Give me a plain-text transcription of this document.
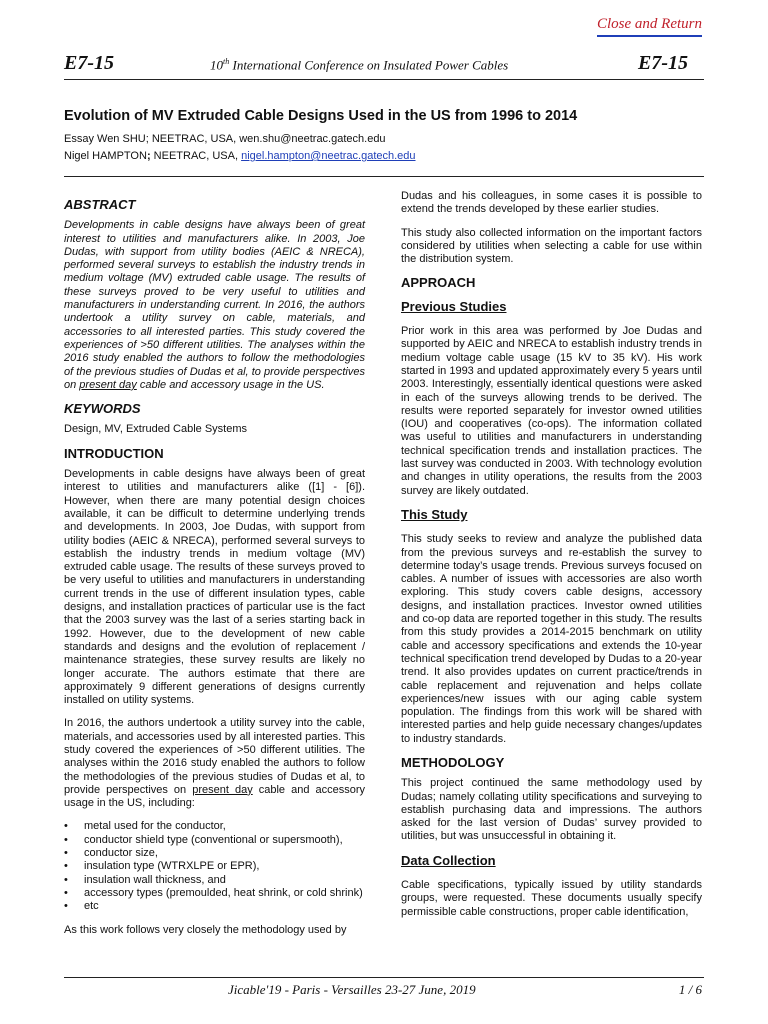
Close and Return
E7-15	10th International Conference on Insulated Power Cables	E7-15
Evolution of MV Extruded Cable Designs Used in the US from 1996 to 2014
Essay Wen SHU; NEETRAC, USA, wen.shu@neetrac.gatech.edu
Nigel HAMPTON; NEETRAC, USA, nigel.hampton@neetrac.gatech.edu
ABSTRACT

Developments in cable designs have always been of great interest to utilities and manufacturers alike. In 2003, Joe Dudas, with support from utility bodies (AEIC & NRECA), performed several surveys to establish the industry trends in medium voltage (MV) extruded cable usage. The results of these surveys proved to be very useful to utilities and manufacturers in understanding current. In 2016, the authors undertook a utility survey on cable, materials, and accessories to all interested parties. This study covered the experiences of >50 different utilities. The analyses within the 2016 study enabled the authors to follow the methodologies of the previous studies of Dudas et al, to provide perspectives on present day cable and accessory usage in the US.

KEYWORDS

Design, MV, Extruded Cable Systems

INTRODUCTION

Developments in cable designs have always been of great interest to utilities and manufacturers alike ([1] - [6]). However, when there are many potential design choices available, it can be difficult to determine underlying trends and developments. In 2003, Joe Dudas, with support from utility bodies (AEIC & NRECA), performed several surveys to establish the industry trends in medium voltage (MV) extruded cable usage. The results of these surveys proved to be very useful to utilities and manufacturers in understanding current trends in the use of different insulation types, cable designs, and installation practices of particular use is the fact that the 2003 survey was the last of a series starting back in 1992. However, due to the development of new cable standards and designs and the evolution of replacement / maintenance strategies, these survey results are likely no longer accurate. The authors estimate that there are approximately 9 different generations of designs currently installed on utility systems.

In 2016, the authors undertook a utility survey into the cable, materials, and accessories used by all interested parties. This study covered the experiences of >50 different utilities. The analyses within the 2016 study enabled the authors to follow the methodologies of the previous studies of Dudas et al, to provide perspectives on present day cable and accessory usage in the US, including:

• metal used for the conductor,
• conductor shield type (conventional or supersmooth),
• conductor size,
• insulation type (WTRXLPE or EPR),
• insulation wall thickness, and
• accessory types (premoulded, heat shrink, or cold shrink)
• etc

As this work follows very closely the methodology used by

Dudas and his colleagues, in some cases it is possible to extend the trends developed by these earlier studies.

This study also collected information on the important factors considered by utilities when selecting a cable for use within the distribution system.

APPROACH
Previous Studies

Prior work in this area was performed by Joe Dudas and supported by AEIC and NRECA to establish industry trends in medium voltage cable usage (15 kV to 35 kV). His work started in 1993 and updated approximately every 5 years until 2003. Interestingly, essentially identical questions were asked in each of the surveys allowing trends to be derived. The results were reported separately for investor owned utilities (IOU) and cooperatives (co-ops). The information collated was useful to utilities and manufacturers in understanding technical specification trends and installation practices. The last survey was conducted in 2003. With technology evolution and changes in utility operations, the results from the 2003 survey are likely outdated.

This Study

This study seeks to review and analyze the published data from the previous surveys and re-establish the survey to determine today’s usage trends. Previous surveys focused on cables. A number of issues with accessories are also worth exploring. This study covers cable designs, accessory designs, and installation practices. Investor owned utilities and co-op data are reported together in this study. The results from this study provides a 2014-2015 benchmark on utility cable and accessory specifications and extends the 10-year technical specification trend developed by Dudas to a 20-year trend. It also provides updates on current practice/trends in cable replacement and rejuvenation and helps collate experiences/new issues with our aging cable system population. The findings from this work will be shared with interested parties and help guide necessary changes/updates to industry standards.

METHODOLOGY

This project continued the same methodology used by Dudas; namely collating utility specifications and surveying to establish purchasing data and impressions. The authors asked for the last version of Dudas’ survey provided to utilities, but was unsuccessful in obtaining it.

Data Collection

Cable specifications, typically issued by utility standards groups, were requested. These documents usually specify permissible cable constructions, proper cable identification,

Jicable'19 - Paris - Versailles 23-27 June, 2019	1 / 6
